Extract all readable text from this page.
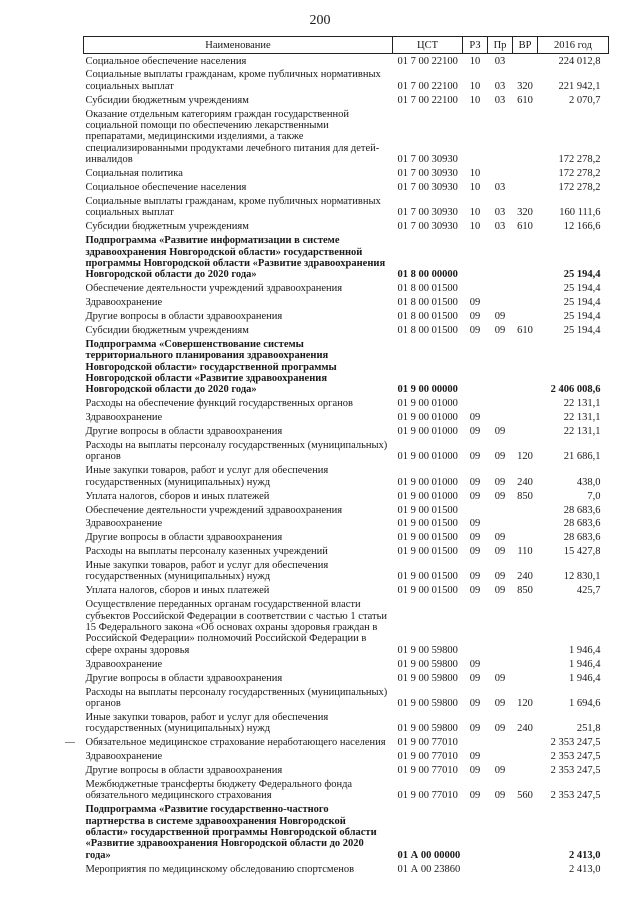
200
Наименование	ЦСТ	РЗ	Пр	ВР	2016 год
Социальное обеспечение населения	01 7 00 22100	10	03		224 012,8
Социальные выплаты гражданам, кроме публичных нормативных социальных выплат	01 7 00 22100	10	03	320	221 942,1
Субсидии бюджетным учреждениям	01 7 00 22100	10	03	610	2 070,7
Оказание отдельным категориям граждан государственной социальной помощи по обеспечению лекарственными препаратами, медицинскими изделиями, а также специализированными продуктами лечебного питания для детей-инвалидов	01 7 00 30930				172 278,2
Социальная политика	01 7 00 30930	10			172 278,2
Социальное обеспечение населения	01 7 00 30930	10	03		172 278,2
Социальные выплаты гражданам, кроме публичных нормативных социальных выплат	01 7 00 30930	10	03	320	160 111,6
Субсидии бюджетным учреждениям	01 7 00 30930	10	03	610	12 166,6
Подпрограмма «Развитие информатизации в системе здравоохранения Новгородской области» государственной программы Новгородской области «Развитие здравоохранения Новгородской области до 2020 года»	01 8 00 00000				25 194,4
Обеспечение деятельности учреждений здравоохранения	01 8 00 01500				25 194,4
Здравоохранение	01 8 00 01500	09			25 194,4
Другие вопросы в области здравоохранения	01 8 00 01500	09	09		25 194,4
Субсидии бюджетным учреждениям	01 8 00 01500	09	09	610	25 194,4
Подпрограмма «Совершенствование системы территориального планирования здравоохранения Новгородской области» государственной программы Новгородской области «Развитие здравоохранения Новгородской области до 2020 года»	01 9 00 00000				2 406 008,6
Расходы на обеспечение функций государственных органов	01 9 00 01000				22 131,1
Здравоохранение	01 9 00 01000	09			22 131,1
Другие вопросы в области здравоохранения	01 9 00 01000	09	09		22 131,1
Расходы на выплаты персоналу государственных (муниципальных) органов	01 9 00 01000	09	09	120	21 686,1
Иные закупки товаров, работ и услуг для обеспечения государственных (муниципальных) нужд	01 9 00 01000	09	09	240	438,0
Уплата налогов, сборов и иных платежей	01 9 00 01000	09	09	850	7,0
Обеспечение деятельности учреждений здравоохранения	01 9 00 01500				28 683,6
Здравоохранение	01 9 00 01500	09			28 683,6
Другие вопросы в области здравоохранения	01 9 00 01500	09	09		28 683,6
Расходы на выплаты персоналу казенных учреждений	01 9 00 01500	09	09	110	15 427,8
Иные закупки товаров, работ и услуг для обеспечения государственных (муниципальных) нужд	01 9 00 01500	09	09	240	12 830,1
Уплата налогов, сборов и иных платежей	01 9 00 01500	09	09	850	425,7
Осуществление переданных органам государственной власти субъектов Российской Федерации в соответствии с частью 1 статьи 15 Федерального закона «Об основах охраны здоровья граждан в Российской Федерации» полномочий Российской Федерации в сфере охраны здоровья	01 9 00 59800				1 946,4
Здравоохранение	01 9 00 59800	09			1 946,4
Другие вопросы в области здравоохранения	01 9 00 59800	09	09		1 946,4
Расходы на выплаты персоналу государственных (муниципальных) органов	01 9 00 59800	09	09	120	1 694,6
Иные закупки товаров, работ и услуг для обеспечения государственных (муниципальных) нужд	01 9 00 59800	09	09	240	251,8
Обязательное медицинское страхование неработающего населения	01 9 00 77010				2 353 247,5
Здравоохранение	01 9 00 77010	09			2 353 247,5
Другие вопросы в области здравоохранения	01 9 00 77010	09	09		2 353 247,5
Межбюджетные трансферты бюджету Федерального фонда обязательного медицинского страхования	01 9 00 77010	09	09	560	2 353 247,5
Подпрограмма «Развитие государственно-частного партнерства в системе здравоохранения Новгородской области» государственной программы Новгородской области «Развитие здравоохранения Новгородской области до 2020 года»	01 А 00 00000				2 413,0
Мероприятия по медицинскому обследованию спортсменов	01 А 00 23860				2 413,0
